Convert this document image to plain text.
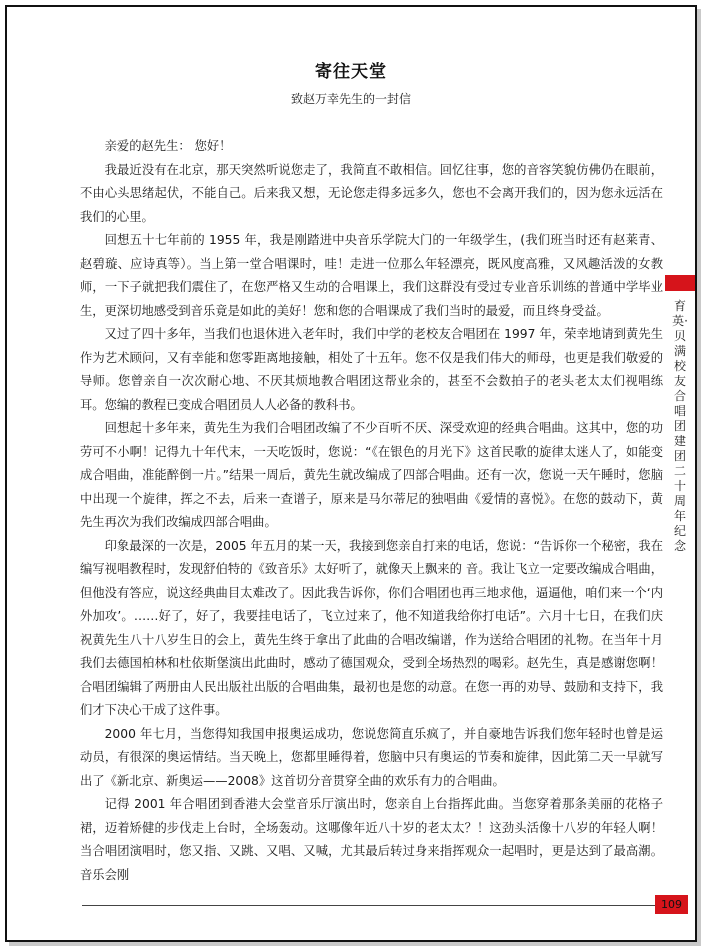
寄往天堂
致赵万幸先生的一封信

亲爱的赵先生： 您好！

我最近没有在北京，那天突然听说您走了，我简直不敢相信。回忆往事，您的音容笑貌仿佛仍在眼前，不由心头思绪起伏，不能自己。后来我又想，无论您走得多远多久，您也不会离开我们的，因为您永远活在我们的心里。

回想五十七年前的 1955 年，我是刚踏进中央音乐学院大门的一年级学生，(我们班当时还有赵莱青、赵碧璇、应诗真等）。当上第一堂合唱课时，哇！走进一位那么年轻漂亮，既风度高雅，又风趣活泼的女教师，一下子就把我们震住了，在您严格又生动的合唱课上，我们这群没有受过专业音乐训练的普通中学毕业生，更深切地感受到音乐竟是如此的美好！您和您的合唱课成了我们当时的最爱，而且终身受益。

又过了四十多年，当我们也退休进入老年时，我们中学的老校友合唱团在 1997 年，荣幸地请到黄先生作为艺术顾问，又有幸能和您零距离地接触，相处了十五年。您不仅是我们伟大的师母，也更是我们敬爱的导师。您曾亲自一次次耐心地、不厌其烦地教合唱团这帮业余的，甚至不会数拍子的老头老太太们视唱练耳。您编的教程已变成合唱团员人人必备的教科书。

回想起十多年来，黄先生为我们合唱团改编了不少百听不厌、深受欢迎的经典合唱曲。这其中，您的功劳可不小啊！记得九十年代末，一天吃饭时，您说：“《在银色的月光下》这首民歌的旋律太迷人了，如能变成合唱曲，准能醉倒一片。”结果一周后，黄先生就改编成了四部合唱曲。还有一次，您说一天午睡时，您脑中出现一个旋律，挥之不去，后来一查谱子，原来是马尔蒂尼的独唱曲《爱情的喜悦》。在您的鼓动下，黄先生再次为我们改编成四部合唱曲。

印象最深的一次是，2005 年五月的某一天，我接到您亲自打来的电话，您说：“告诉你一个秘密，我在编写视唱教程时，发现舒伯特的《致音乐》太好听了，就像天上飘来的 音。我让飞立一定要改编成合唱曲，但他没有答应，说这经典曲目太难改了。因此我告诉你，你们合唱团也再三地求他，逼逼他，咱们来一个‘内外加攻’。……好了，好了，我要挂电话了，飞立过来了，他不知道我给你打电话”。六月十七日，在我们庆祝黄先生八十八岁生日的会上，黄先生终于拿出了此曲的合唱改编谱，作为送给合唱团的礼物。在当年十月我们去德国柏林和杜依斯堡演出此曲时，感动了德国观众，受到全场热烈的喝彩。赵先生，真是感谢您啊！合唱团编辑了两册由人民出版社出版的合唱曲集，最初也是您的动意。在您一再的劝导、鼓励和支持下，我们才下决心干成了这件事。

2000 年七月，当您得知我国申报奥运成功，您说您简直乐疯了，并自豪地告诉我们您年轻时也曾是运动员，有很深的奥运情结。当天晚上，您都里睡得着，您脑中只有奥运的节奏和旋律，因此第二天一早就写出了《新北京、新奥运——2008》这首切分音贯穿全曲的欢乐有力的合唱曲。

记得 2001 年合唱团到香港大会堂音乐厅演出时，您亲自上台指挥此曲。当您穿着那条美丽的花格子裙，迈着矫健的步伐走上台时，全场轰动。这哪像年近八十岁的老太太？！这劲头活像十八岁的年轻人啊！当合唱团演唱时，您又指、又跳、又唱、又喊，尤其最后转过身来指挥观众一起唱时，更是达到了最高潮。音乐会刚

育英·贝满校友合唱团建团二十周年纪念
109
